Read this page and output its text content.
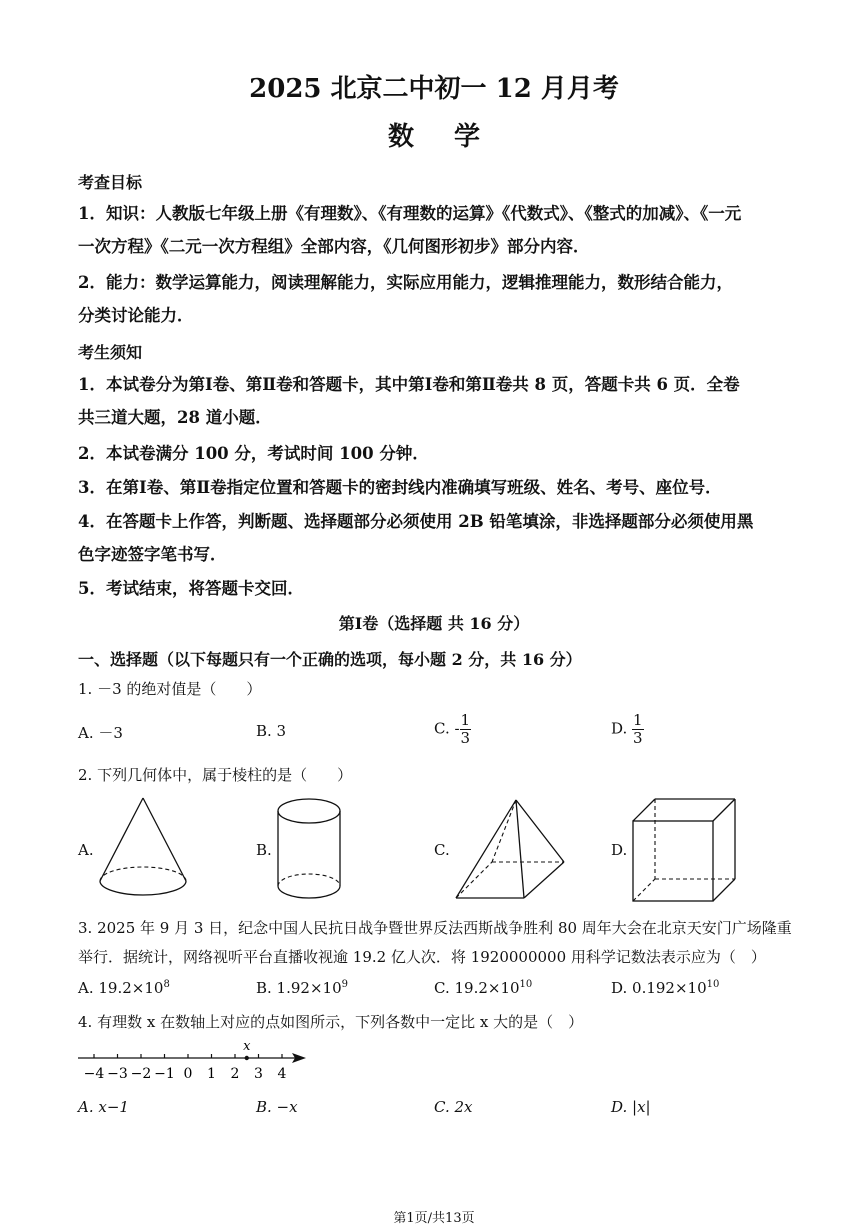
2025 北京二中初一 12 月月考
数学
考查目标
1．知识：人教版七年级上册《有理数》、《有理数的运算》《代数式》、《整式的加减》、《一元
一次方程》《二元一次方程组》全部内容，《几何图形初步》部分内容．
2．能力：数学运算能力，阅读理解能力，实际应用能力，逻辑推理能力，数形结合能力，
分类讨论能力．
考生须知
1．本试卷分为第Ⅰ卷、第Ⅱ卷和答题卡，其中第Ⅰ卷和第Ⅱ卷共 8 页，答题卡共 6 页．全卷
共三道大题，28 道小题．
2．本试卷满分 100 分，考试时间 100 分钟．
3．在第Ⅰ卷、第Ⅱ卷指定位置和答题卡的密封线内准确填写班级、姓名、考号、座位号．
4．在答题卡上作答，判断题、选择题部分必须使用 2B 铅笔填涂，非选择题部分必须使用黑
色字迹签字笔书写．
5．考试结束，将答题卡交回．
第Ⅰ卷（选择题 共 16 分）
一、选择题（以下每题只有一个正确的选项，每小题 2 分，共 16 分）
1. －3 的绝对值是（　　）
A. －3	B. 3	C. - $\frac{1}{3}$	D. $\frac{1}{3}$
2. 下列几何体中，属于棱柱的是（　　）
A.	B.	C.	D.
3. 2025 年 9 月 3 日，纪念中国人民抗日战争暨世界反法西斯战争胜利 80 周年大会在北京天安门广场隆重
举行．据统计，网络视听平台直播收视逾 19.2 亿人次．将 1920000000 用科学记数法表示应为（　）
A. $19.2\times 10^8$	B. $1.92\times 10^9$	C. $19.2\times 10^{10}$	D. $0.192\times 10^{10}$
4. 有理数 x 在数轴上对应的点如图所示，下列各数中一定比 x 大的是（　）
−4 −3 −2 −1 0 1 2 3 4
x
A. x−1	B. −x	C. 2x	D. |x|
第1页/共13页
